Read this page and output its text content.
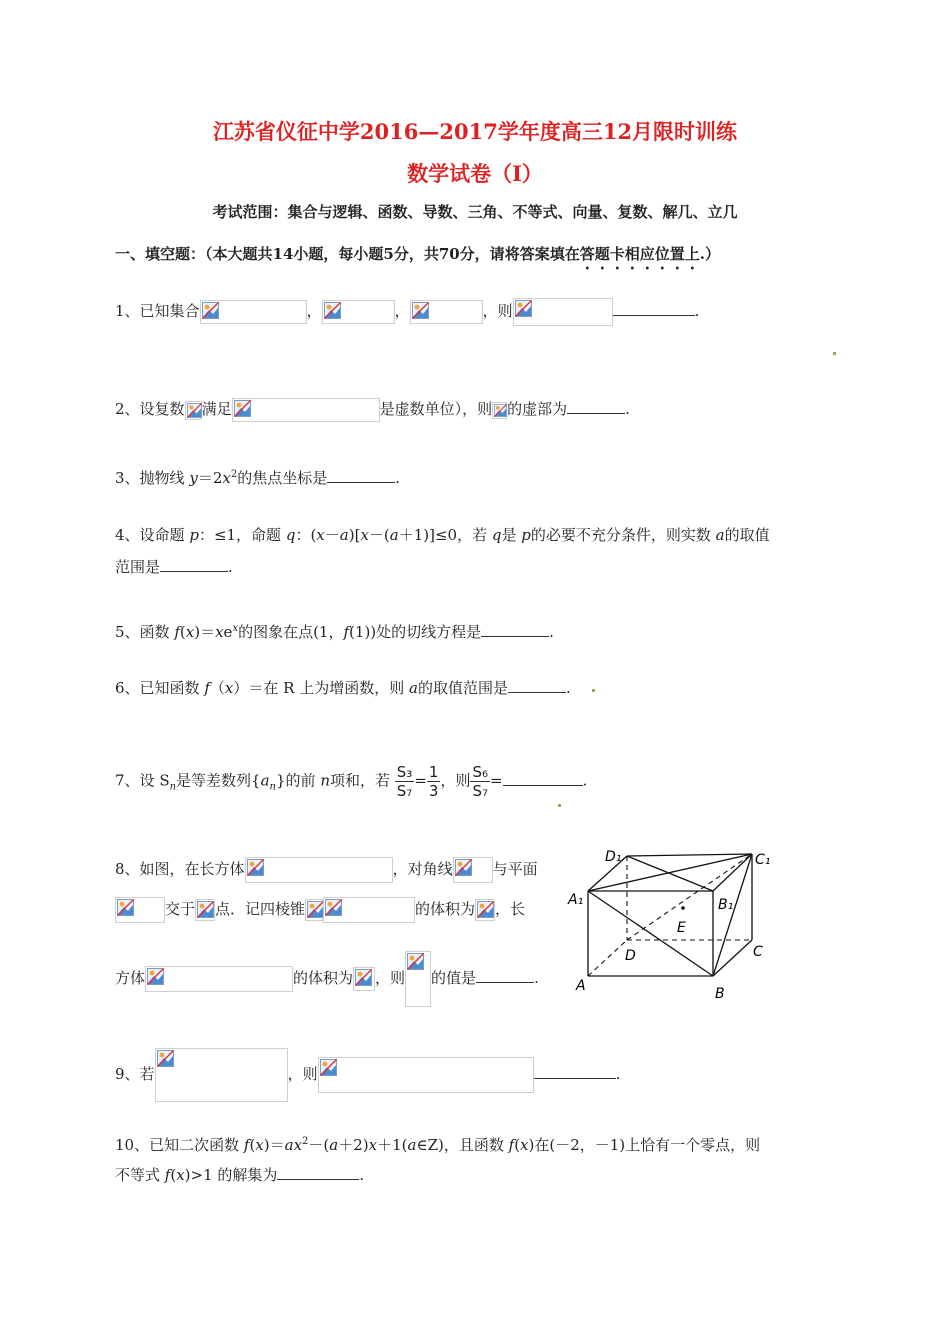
江苏省仪征中学2016—2017学年度高三12月限时训练
数学试卷（Ⅰ）
考试范围：集合与逻辑、函数、导数、三角、不等式、向量、复数、解几、立几
一、填空题：（本大题共14小题，每小题5分，共70分，请将答案填在答题卡相应位置上.）
1、已知集合	，	，	，则	.
2、设复数 满足	是虚数单位），则 的虚部为	.
3、抛物线 $y=2x^2$的焦点坐标是	.
4、设命题 p：≤1，命题 q：(x－a)[x－(a＋1)]≤0，若 q是 p的必要不充分条件，则实数 a的取值
范围是	.
5、函数 $f(x)=xe^x$的图象在点(1，f(1))处的切线方程是	.
6、已知函数 f（x）＝在 R 上为增函数，则 a的取值范围是	.
7、设 $S_n$是等差数列$\{a_n\}$的前 n项和，若 $\frac{\text{S₃}}{\text{S₇}} = \frac{1}{3}$ ，则 $\frac{\text{S₆}}{\text{S₇}}$ =	.
8、如图，在长方体	，对角线	与平面
交于 点．记四棱锥	的体积为 ，长
方体	的体积为 ，则 的值是	.
D₁	C₁
A₁	B₁
E
D	C
A	B
9、若	，则	.
10、已知二次函数 $f(x)=ax^2-(a+2)x+1(a\in Z)$，且函数 f(x)在(－2，－1)上恰有一个零点，则
不等式 f(x)>1 的解集为	.
